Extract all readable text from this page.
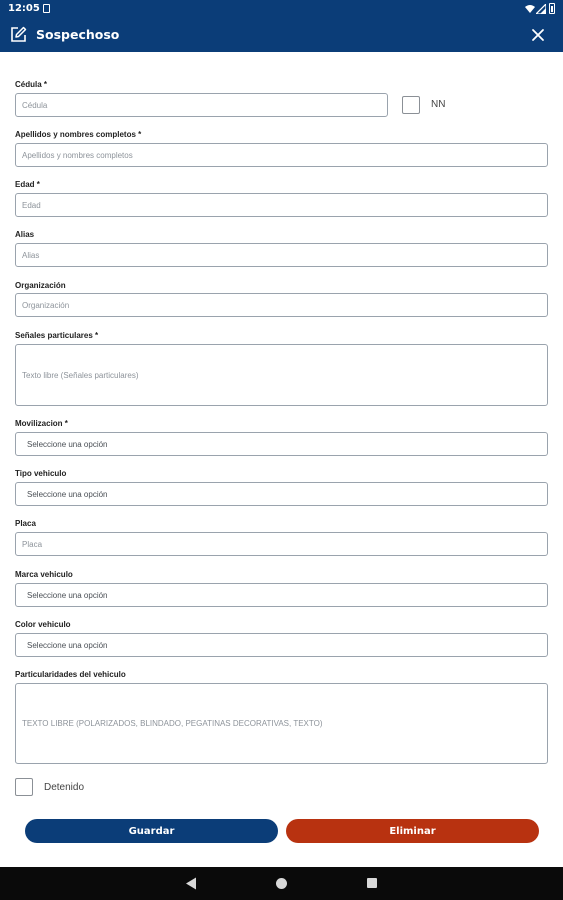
12:05
Sospechoso
Cédula *
Cédula	NN
Apellidos y nombres completos *
Apellidos y nombres completos
Edad *
Edad
Alias
Alias
Organización
Organización
Señales particulares *
Texto libre (Señales particulares)
Movilizacion *
Seleccione una opción
Tipo vehiculo
Seleccione una opción
Placa
Placa
Marca vehiculo
Seleccione una opción
Color vehiculo
Seleccione una opción
Particularidades del vehiculo
TEXTO LIBRE (POLARIZADOS, BLINDADO, PEGATINAS DECORATIVAS, TEXTO)
Detenido
Guardar	Eliminar
